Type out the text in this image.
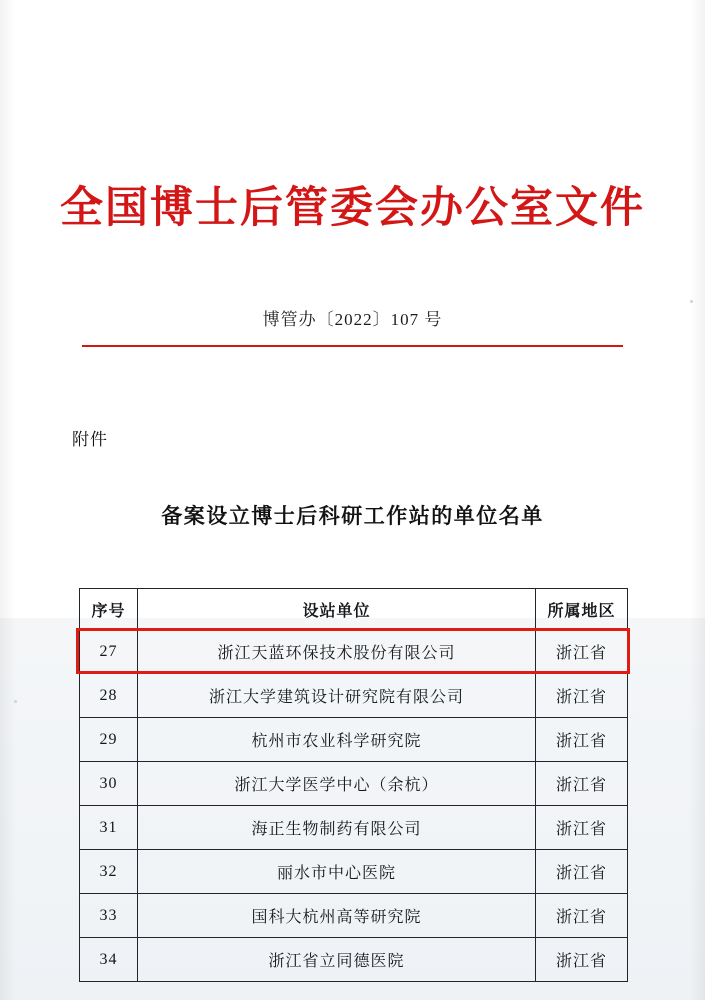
全国博士后管委会办公室文件
博管办〔2022〕107 号
附件
备案设立博士后科研工作站的单位名单
序号	设站单位	所属地区
27	浙江天蓝环保技术股份有限公司	浙江省
28	浙江大学建筑设计研究院有限公司	浙江省
29	杭州市农业科学研究院	浙江省
30	浙江大学医学中心（余杭）	浙江省
31	海正生物制药有限公司	浙江省
32	丽水市中心医院	浙江省
33	国科大杭州高等研究院	浙江省
34	浙江省立同德医院	浙江省
